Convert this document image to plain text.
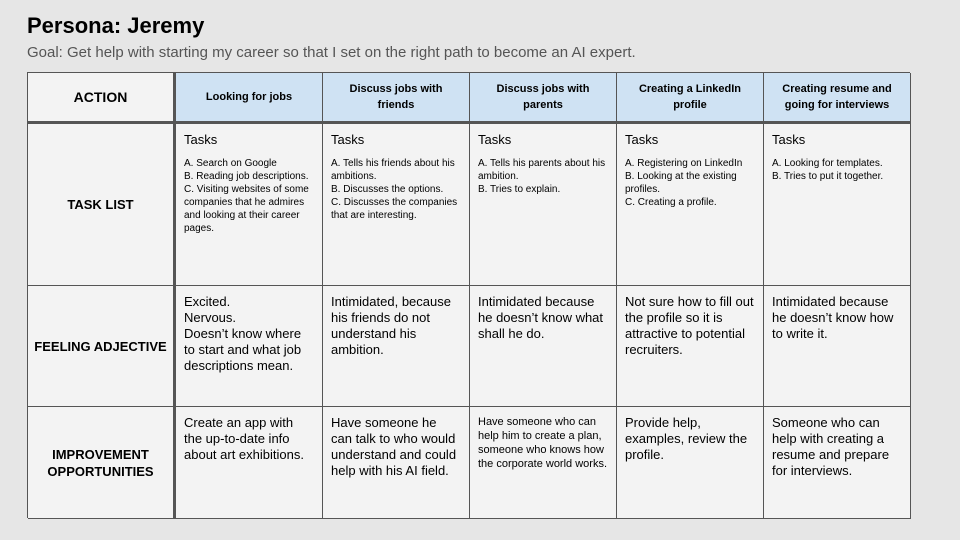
Persona: Jeremy
Goal: Get help with starting my career so that I set on the right path to become an AI expert.
ACTION	Looking for jobs
Discuss jobs with friends
Discuss jobs with parents
Creating a LinkedIn profile
Creating resume and going for interviews
TASK LIST
Tasks
A. Search on Google
B. Reading job descriptions.
C. Visiting websites of some companies that he admires and looking at their career pages.
Tasks
A. Tells his friends about his ambitions.
B. Discusses the options.
C. Discusses the companies that are interesting.
Tasks
A. Tells his parents about his ambition.
B. Tries to explain.
Tasks
A. Registering on LinkedIn
B. Looking at the existing profiles.
C. Creating a profile.
Tasks
A. Looking for templates.
B. Tries to put it together.
FEELING ADJECTIVE
Excited.
Nervous.
Doesn’t know where to start and what job descriptions mean.
Intimidated, because his friends do not understand his ambition.
Intimidated because he doesn’t know what shall he do.
Not sure how to fill out the profile so it is attractive to potential recruiters.
Intimidated because he doesn’t know how to write it.
IMPROVEMENT OPPORTUNITIES
Create an app with the up-to-date info about art exhibitions.
Have someone he can talk to who would understand and could help with his AI field.
Have someone who can help him to create a plan, someone who knows how the corporate world works.
Provide help, examples, review the profile.
Someone who can help with creating a resume and prepare for interviews.
